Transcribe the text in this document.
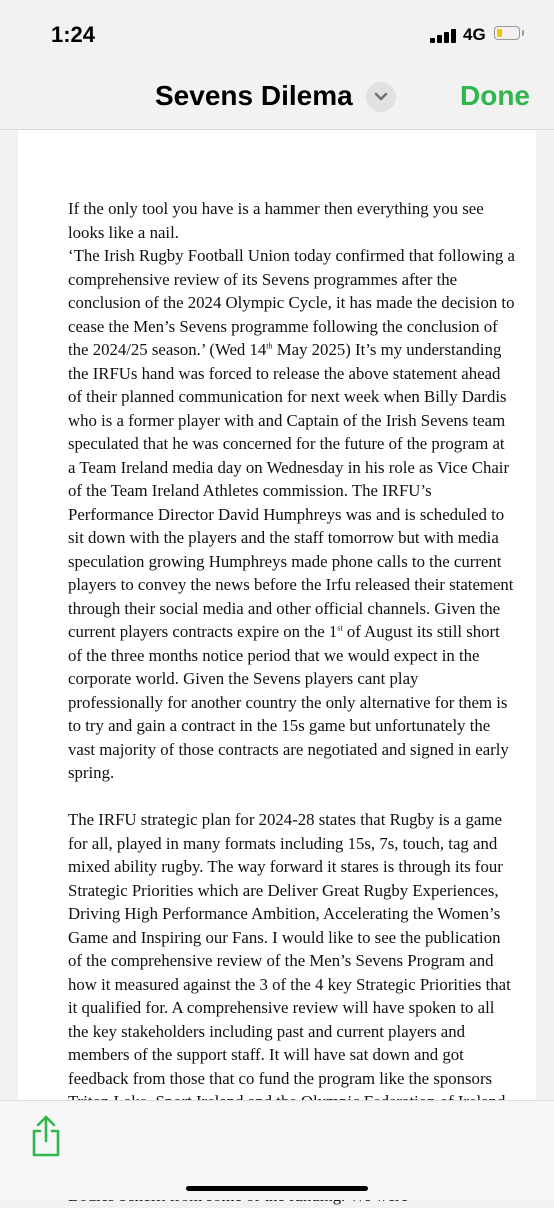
1:24	4G
Sevens Dilema	Done

If the only tool you have is a hammer then everything you see looks like a nail.
‘The Irish Rugby Football Union today confirmed that following a comprehensive review of its Sevens programmes after the conclusion of the 2024 Olympic Cycle, it has made the decision to cease the Men’s Sevens programme following the conclusion of the 2024/25 season.’ (Wed 14th May 2025) It’s my understanding the IRFUs hand was forced to release the above statement ahead of their planned communication for next week when Billy Dardis who is a former player with and Captain of the Irish Sevens team speculated that he was concerned for the future of the program at a Team Ireland media day on Wednesday in his role as Vice Chair of the Team Ireland Athletes commission. The IRFU’s Performance Director David Humphreys was and is scheduled to sit down with the players and the staff tomorrow but with media speculation growing Humphreys made phone calls to the current players to convey the news before the Irfu released their statement through their social media and other official channels. Given the current players contracts expire on the 1st of August its still short of the three months notice period that we would expect in the corporate world. Given the Sevens players cant play professionally for another country the only alternative for them is to try and gain a contract in the 15s game but unfortunately the vast majority of those contracts are negotiated and signed in early spring.

The IRFU strategic plan for 2024-28 states that Rugby is a game for all, played in many formats including 15s, 7s, touch, tag and mixed ability rugby. The way forward it stares is through its four Strategic Priorities which are Deliver Great Rugby Experiences, Driving High Performance Ambition, Accelerating the Women’s Game and Inspiring our Fans. I would like to see the publication of the comprehensive review of the Men’s Sevens Program and how it measured against the 3 of the 4 key Strategic Priorities that it qualified for. A comprehensive review will have spoken to all the key stakeholders including past and current players and members of the support staff. It will have sat down and got feedback from those that co fund the program like the sponsors
